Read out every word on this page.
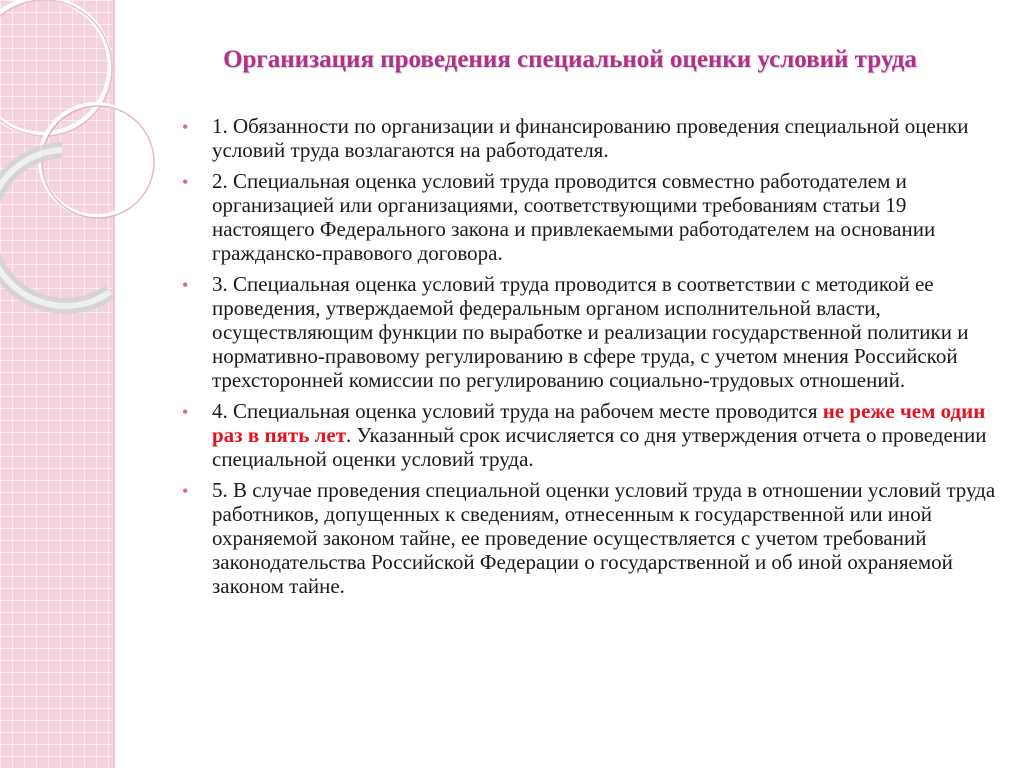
Организация проведения специальной оценки условий труда
• 1. Обязанности по организации и финансированию проведения специальной оценки условий труда возлагаются на работодателя.
• 2. Специальная оценка условий труда проводится совместно работодателем и организацией или организациями, соответствующими требованиям статьи 19 настоящего Федерального закона и привлекаемыми работодателем на основании гражданско-правового договора.
• 3. Специальная оценка условий труда проводится в соответствии с методикой ее проведения, утверждаемой федеральным органом исполнительной власти, осуществляющим функции по выработке и реализации государственной политики и нормативно-правовому регулированию в сфере труда, с учетом мнения Российской трехсторонней комиссии по регулированию социально-трудовых отношений.
• 4. Специальная оценка условий труда на рабочем месте проводится не реже чем один раз в пять лет. Указанный срок исчисляется со дня утверждения отчета о проведении специальной оценки условий труда.
• 5. В случае проведения специальной оценки условий труда в отношении условий труда работников, допущенных к сведениям, отнесенным к государственной или иной охраняемой законом тайне, ее проведение осуществляется с учетом требований законодательства Российской Федерации о государственной и об иной охраняемой законом тайне.
